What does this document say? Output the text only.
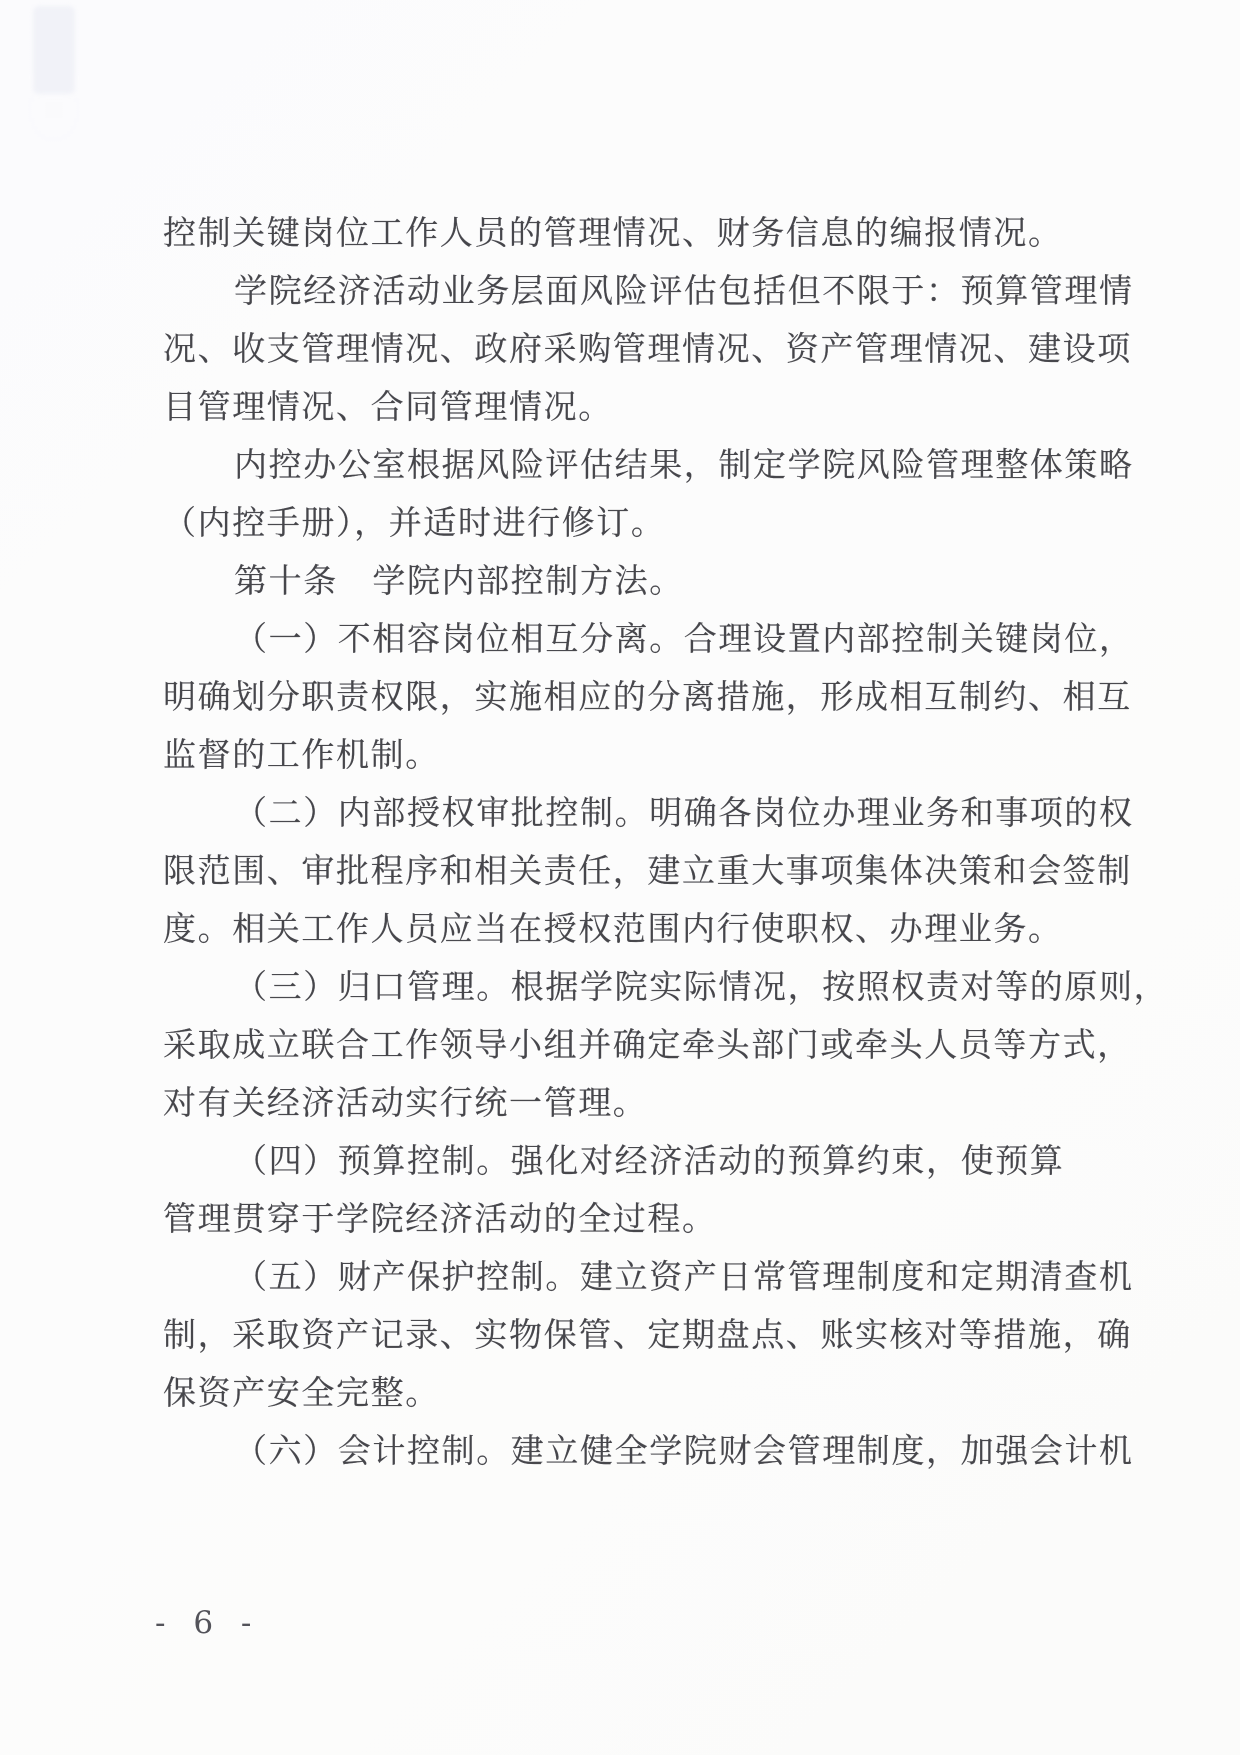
控制关键岗位工作人员的管理情况、财务信息的编报情况。
学院经济活动业务层面风险评估包括但不限于：预算管理情
况、收支管理情况、政府采购管理情况、资产管理情况、建设项
目管理情况、合同管理情况。
内控办公室根据风险评估结果，制定学院风险管理整体策略
（内控手册），并适时进行修订。
第十条　学院内部控制方法。
（一）不相容岗位相互分离。合理设置内部控制关键岗位，
明确划分职责权限，实施相应的分离措施，形成相互制约、相互
监督的工作机制。
（二）内部授权审批控制。明确各岗位办理业务和事项的权
限范围、审批程序和相关责任，建立重大事项集体决策和会签制
度。相关工作人员应当在授权范围内行使职权、办理业务。
（三）归口管理。根据学院实际情况，按照权责对等的原则，
采取成立联合工作领导小组并确定牵头部门或牵头人员等方式，
对有关经济活动实行统一管理。
（四）预算控制。强化对经济活动的预算约束，使预算
管理贯穿于学院经济活动的全过程。
（五）财产保护控制。建立资产日常管理制度和定期清查机
制，采取资产记录、实物保管、定期盘点、账实核对等措施，确
保资产安全完整。
（六）会计控制。建立健全学院财会管理制度，加强会计机
- 6 -
